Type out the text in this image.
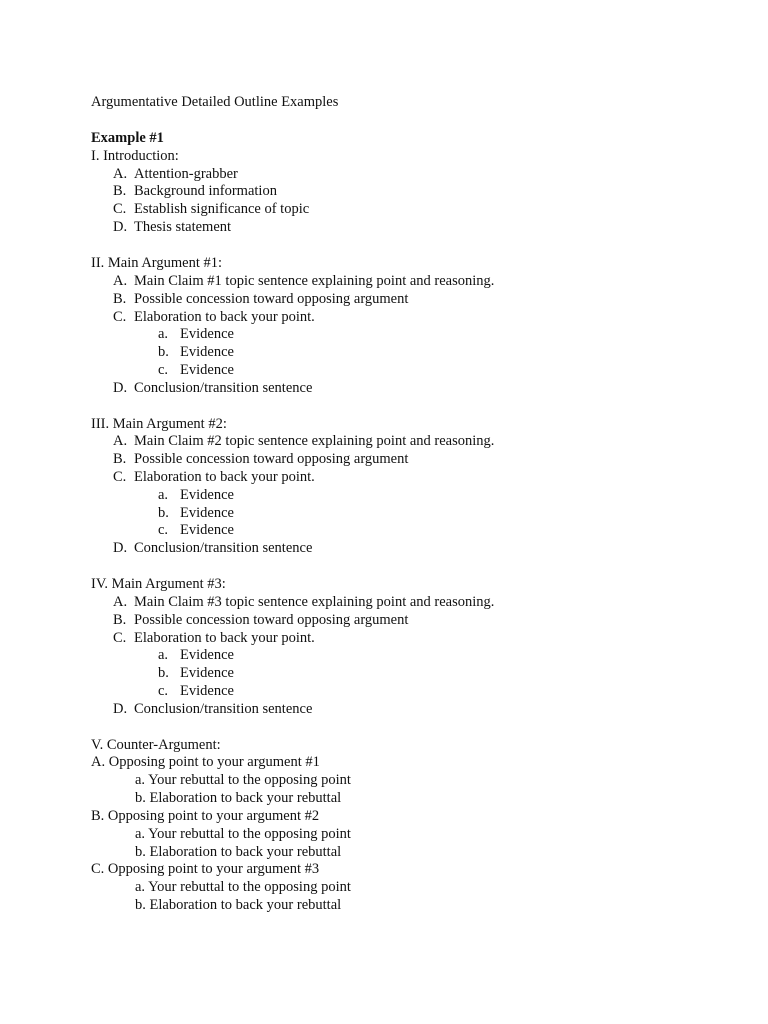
Argumentative Detailed Outline Examples
Example #1
I. Introduction:
A. Attention-grabber
B. Background information
C. Establish significance of topic
D. Thesis statement
II. Main Argument #1:
A. Main Claim #1 topic sentence explaining point and reasoning.
B. Possible concession toward opposing argument
C. Elaboration to back your point.
a. Evidence
b. Evidence
c. Evidence
D. Conclusion/transition sentence
III. Main Argument #2:
A. Main Claim #2 topic sentence explaining point and reasoning.
B. Possible concession toward opposing argument
C. Elaboration to back your point.
a. Evidence
b. Evidence
c. Evidence
D. Conclusion/transition sentence
IV. Main Argument #3:
A. Main Claim #3 topic sentence explaining point and reasoning.
B. Possible concession toward opposing argument
C. Elaboration to back your point.
a. Evidence
b. Evidence
c. Evidence
D. Conclusion/transition sentence
V. Counter-Argument:
A. Opposing point to your argument #1
a. Your rebuttal to the opposing point
b. Elaboration to back your rebuttal
B. Opposing point to your argument #2
a. Your rebuttal to the opposing point
b. Elaboration to back your rebuttal
C. Opposing point to your argument #3
a. Your rebuttal to the opposing point
b. Elaboration to back your rebuttal
